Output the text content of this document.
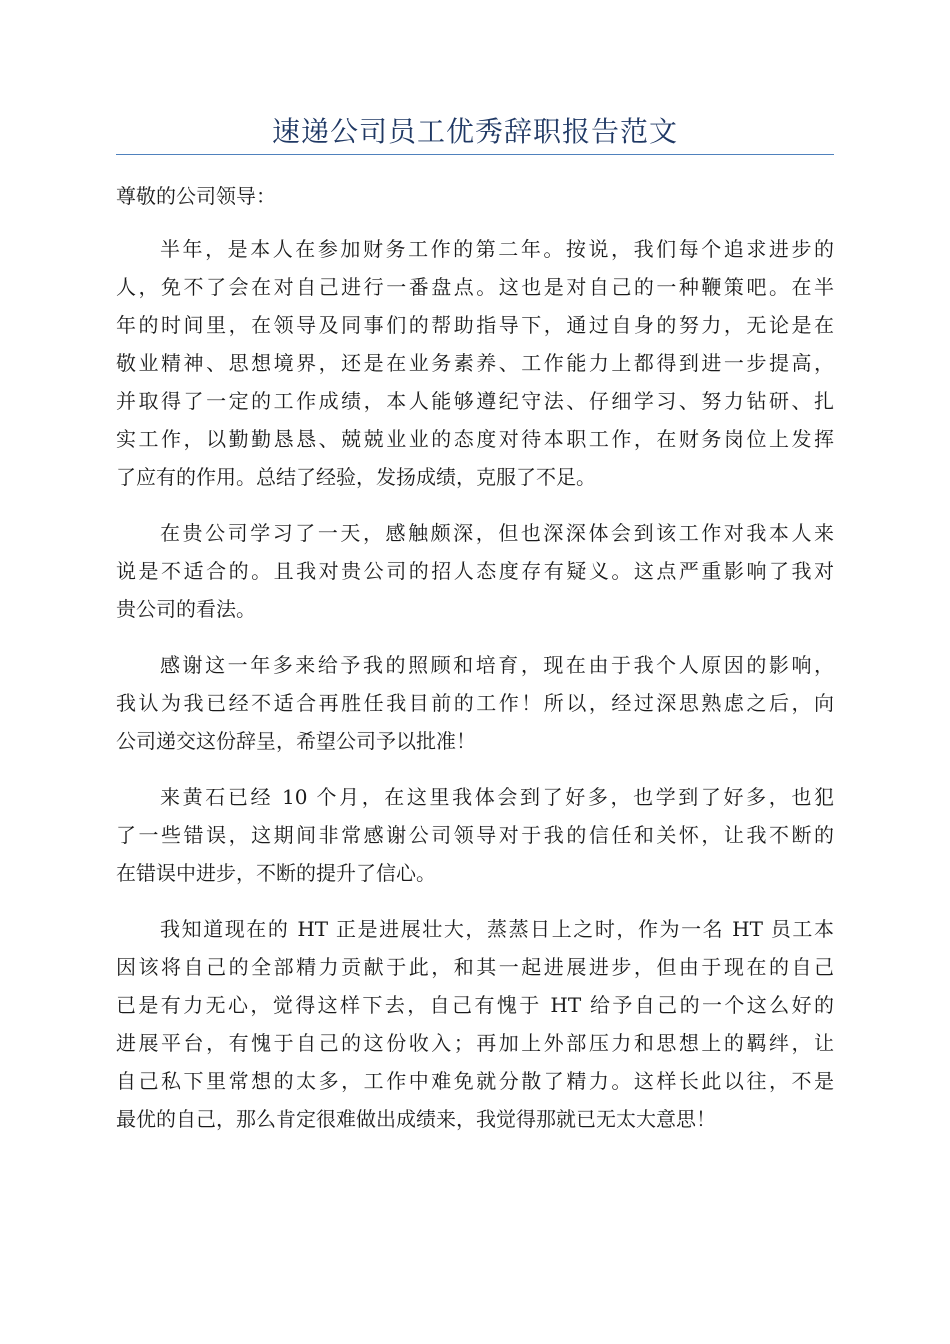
速递公司员工优秀辞职报告范文
尊敬的公司领导：
半年，是本人在参加财务工作的第二年。按说，我们每个追求进步的
人，免不了会在对自己进行一番盘点。这也是对自己的一种鞭策吧。在半
年的时间里，在领导及同事们的帮助指导下，通过自身的努力，无论是在
敬业精神、思想境界，还是在业务素养、工作能力上都得到进一步提高，
并取得了一定的工作成绩，本人能够遵纪守法、仔细学习、努力钻研、扎
实工作，以勤勤恳恳、兢兢业业的态度对待本职工作，在财务岗位上发挥
了应有的作用。总结了经验，发扬成绩，克服了不足。
在贵公司学习了一天，感触颇深，但也深深体会到该工作对我本人来
说是不适合的。且我对贵公司的招人态度存有疑义。这点严重影响了我对
贵公司的看法。
感谢这一年多来给予我的照顾和培育，现在由于我个人原因的影响，
我认为我已经不适合再胜任我目前的工作！所以，经过深思熟虑之后，向
公司递交这份辞呈，希望公司予以批准！
来黄石已经 10 个月，在这里我体会到了好多，也学到了好多，也犯
了一些错误，这期间非常感谢公司领导对于我的信任和关怀，让我不断的
在错误中进步，不断的提升了信心。
我知道现在的 HT 正是进展壮大，蒸蒸日上之时，作为一名 HT 员工本
因该将自己的全部精力贡献于此，和其一起进展进步，但由于现在的自己
已是有力无心，觉得这样下去，自己有愧于 HT 给予自己的一个这么好的
进展平台，有愧于自己的这份收入；再加上外部压力和思想上的羁绊，让
自己私下里常想的太多，工作中难免就分散了精力。这样长此以往，不是
最优的自己，那么肯定很难做出成绩来，我觉得那就已无太大意思！
